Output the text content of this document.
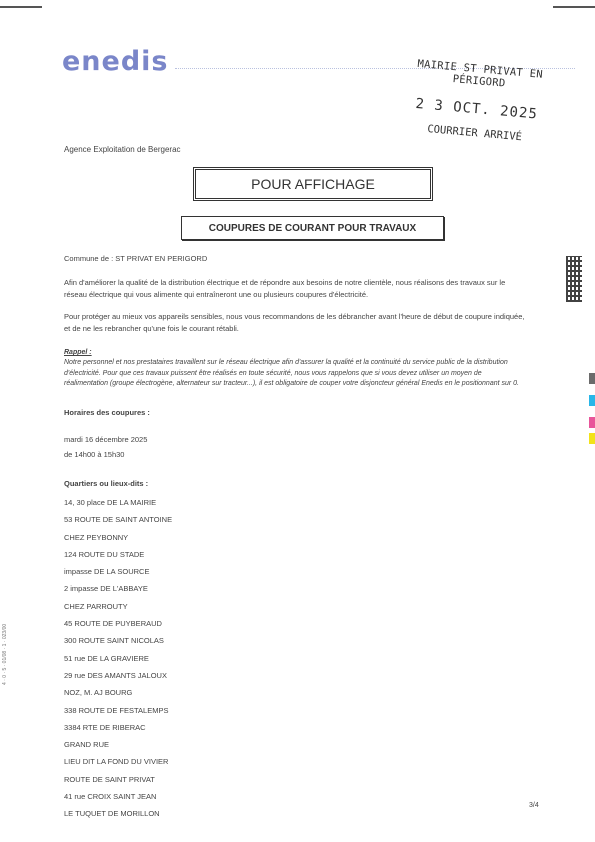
enedis	MAIRIE ST PRIVAT EN PÉRIGORD
2 3 OCT. 2025
COURRIER ARRIVÉ
Agence Exploitation de Bergerac
POUR AFFICHAGE
COUPURES DE COURANT POUR TRAVAUX
Commune de : ST PRIVAT EN PERIGORD
Afin d'améliorer la qualité de la distribution électrique et de répondre aux besoins de notre clientèle, nous réalisons des travaux sur le réseau électrique qui vous alimente qui entraîneront une ou plusieurs coupures d'électricité.
Pour protéger au mieux vos appareils sensibles, nous vous recommandons de les débrancher avant l'heure de début de coupure indiquée, et de ne les rebrancher qu'une fois le courant rétabli.
Rappel :
Notre personnel et nos prestataires travaillent sur le réseau électrique afin d'assurer la qualité et la continuité du service public de la distribution d'électricité. Pour que ces travaux puissent être réalisés en toute sécurité, nous vous rappelons que si vous devez utiliser un moyen de réalimentation (groupe électrogène, alternateur sur tracteur...), il est obligatoire de couper votre disjoncteur général Enedis en le positionnant sur 0.
Horaires des coupures :
mardi 16 décembre 2025
de 14h00 à 15h30
Quartiers ou lieux-dits :
14, 30 place DE LA MAIRIE
53 ROUTE DE SAINT ANTOINE
CHEZ PEYBONNY
124 ROUTE DU STADE
impasse DE LA SOURCE
2 impasse DE L'ABBAYE
CHEZ PARROUTY
45 ROUTE DE PUYBERAUD
300 ROUTE SAINT NICOLAS
51 rue DE LA GRAVIERE
29 rue DES AMANTS JALOUX
NOZ, M. AJ BOURG
338 ROUTE DE FESTALEMPS
3384 RTE DE RIBERAC
GRAND RUE
LIEU DIT LA FOND DU VIVIER
ROUTE DE SAINT PRIVAT
41 rue CROIX SAINT JEAN
LE TUQUET DE MORILLON
4 · 0 · 5 · 01/08 · 1 · 023/00
3/4
